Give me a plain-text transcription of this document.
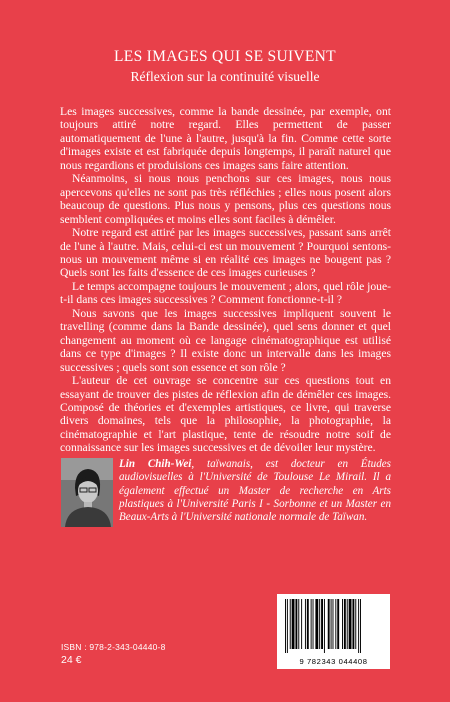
LES IMAGES QUI SE SUIVENT
Réflexion sur la continuité visuelle

Les images successives, comme la bande dessinée, par exemple, ont toujours attiré notre regard. Elles permettent de passer automatiquement de l'une à l'autre, jusqu'à la fin. Comme cette sorte d'images existe et est fabriquée depuis longtemps, il paraît naturel que nous regardions et produisions ces images sans faire attention.

Néanmoins, si nous nous penchons sur ces images, nous nous apercevons qu'elles ne sont pas très réfléchies ; elles nous posent alors beaucoup de questions. Plus nous y pensons, plus ces questions nous semblent compliquées et moins elles sont faciles à démêler.

Notre regard est attiré par les images successives, passant sans arrêt de l'une à l'autre. Mais, celui-ci est un mouvement ? Pourquoi sentons-nous un mouvement même si en réalité ces images ne bougent pas ? Quels sont les faits d'essence de ces images curieuses ?

Le temps accompagne toujours le mouvement ; alors, quel rôle joue-t-il dans ces images successives ? Comment fonctionne-t-il ?

Nous savons que les images successives impliquent souvent le travelling (comme dans la Bande dessinée), quel sens donner et quel changement au moment où ce langage cinématographique est utilisé dans ce type d'images ? Il existe donc un intervalle dans les images successives ; quels sont son essence et son rôle ?

L'auteur de cet ouvrage se concentre sur ces questions tout en essayant de trouver des pistes de réflexion afin de démêler ces images. Composé de théories et d'exemples artistiques, ce livre, qui traverse divers domaines, tels que la philosophie, la photographie, la cinématographie et l'art plastique, tente de résoudre notre soif de connaissance sur les images successives et de dévoiler leur mystère.

Lin Chih-Wei, taïwanais, est docteur en Études audiovisuelles à l'Université de Toulouse Le Mirail. Il a également effectué un Master de recherche en Arts plastiques à l'Université Paris I - Sorbonne et un Master en Beaux-Arts à l'Université nationale normale de Taïwan.
ISBN : 978-2-343-04440-8
24 €	9 782343 044408
